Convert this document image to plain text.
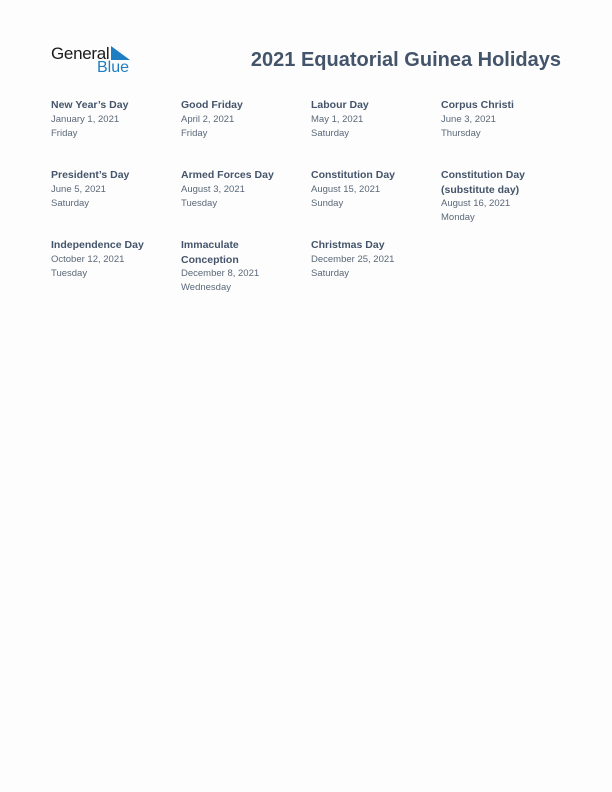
General
Blue	2021 Equatorial Guinea Holidays
New Year’s Day
January 1, 2021
Friday
Good Friday
April 2, 2021
Friday
Labour Day
May 1, 2021
Saturday
Corpus Christi
June 3, 2021
Thursday
President’s Day
June 5, 2021
Saturday
Armed Forces Day
August 3, 2021
Tuesday
Constitution Day
August 15, 2021
Sunday
Constitution Day (substitute day)
August 16, 2021
Monday
Independence Day
October 12, 2021
Tuesday
Immaculate Conception
December 8, 2021
Wednesday
Christmas Day
December 25, 2021
Saturday
